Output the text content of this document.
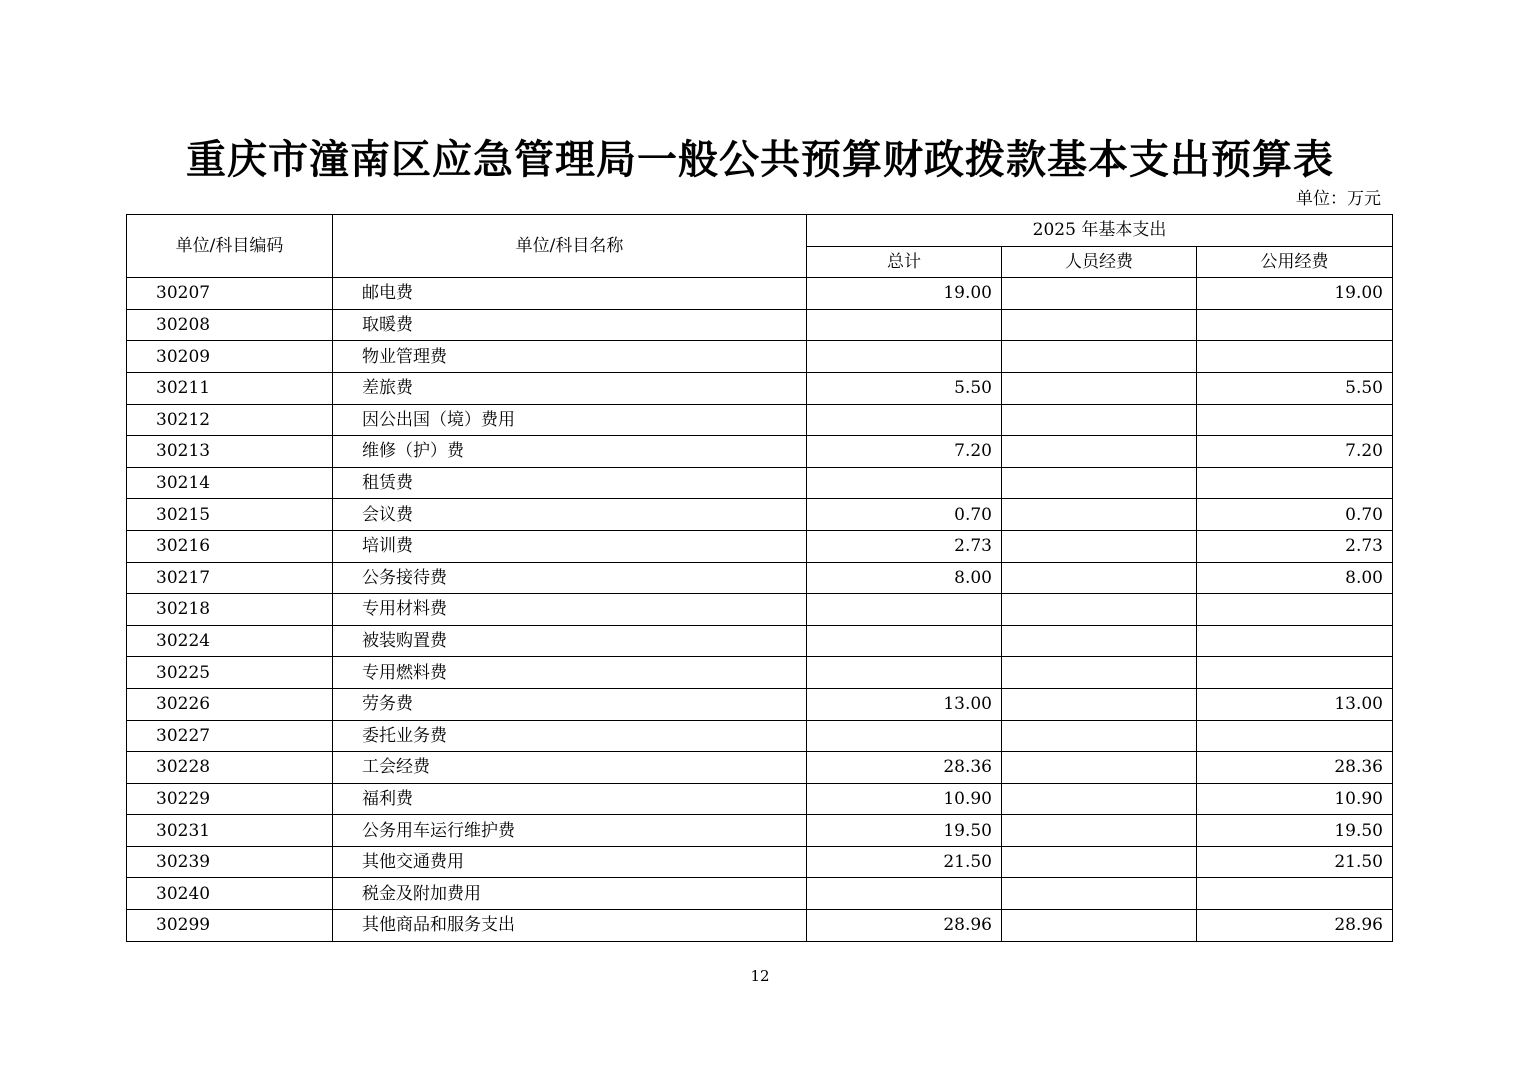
重庆市潼南区应急管理局一般公共预算财政拨款基本支出预算表
单位：万元
单位/科目编码	单位/科目名称	2025 年基本支出		
		总计	人员经费	公用经费
30207	邮电费	19.00		19.00
30208	取暖费			
30209	物业管理费			
30211	差旅费	5.50		5.50
30212	因公出国（境）费用			
30213	维修（护）费	7.20		7.20
30214	租赁费			
30215	会议费	0.70		0.70
30216	培训费	2.73		2.73
30217	公务接待费	8.00		8.00
30218	专用材料费			
30224	被装购置费			
30225	专用燃料费			
30226	劳务费	13.00		13.00
30227	委托业务费			
30228	工会经费	28.36		28.36
30229	福利费	10.90		10.90
30231	公务用车运行维护费	19.50		19.50
30239	其他交通费用	21.50		21.50
30240	税金及附加费用			
30299	其他商品和服务支出	28.96		28.96
12
